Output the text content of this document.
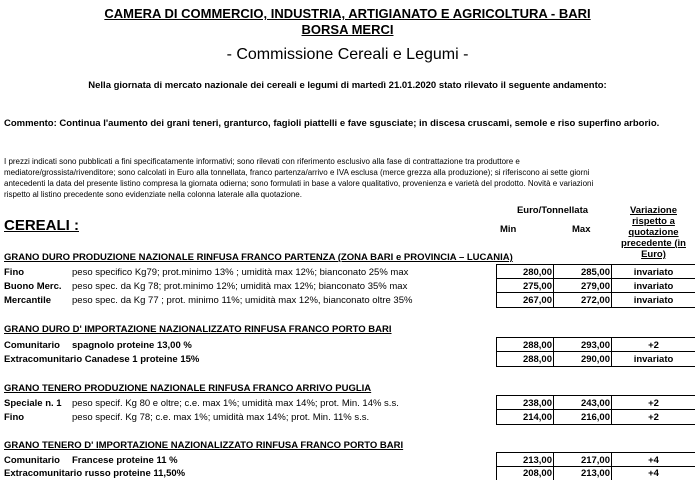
CAMERA DI COMMERCIO, INDUSTRIA, ARTIGIANATO E AGRICOLTURA - BARI
BORSA MERCI
- Commissione Cereali e Legumi -
Nella giornata di mercato nazionale dei cereali e legumi di martedì 21.01.2020 stato rilevato il seguente andamento:
Commento: Continua l'aumento dei grani teneri, granturco, fagioli piattelli e fave sgusciate; in discesa cruscami, semole e riso superfino arborio.
I prezzi indicati sono pubblicati a fini specificatamente informativi; sono rilevati con riferimento esclusivo alla fase di contrattazione tra produttore e
mediatore/grossista/rivenditore; sono calcolati in Euro alla tonnellata, franco partenza/arrivo e IVA esclusa (merce grezza alla produzione); si riferiscono ai sette giorni
antecedenti la data del presente listino compresa la giornata odierna; sono formulati in base a valore qualitativo, provenienza e varietà del prodotto. Novità e variazioni
rispetto al listino precedente sono evidenziate nella colonna laterale alla quotazione.
Euro/Tonnellata
Min	Max
Variazione
rispetto a
quotazione
precedente (in
Euro)
CEREALI :
GRANO DURO PRODUZIONE NAZIONALE RINFUSA FRANCO PARTENZA (ZONA BARI e PROVINCIA – LUCANIA)
Fino	peso specifico Kg79; prot.minimo 13% ; umidità max 12%; bianconato 25% max	280,00	285,00	invariato
Buono Merc. peso spec. da Kg 78; prot.minimo 12%; umidità max 12%; bianconato 35% max	275,00	279,00	invariato
Mercantile peso spec. da Kg 77 ; prot. minimo 11%; umidità max 12%, bianconato oltre 35%	267,00	272,00	invariato
GRANO DURO D' IMPORTAZIONE NAZIONALIZZATO RINFUSA FRANCO PORTO BARI
Comunitario spagnolo proteine 13,00 %	288,00	293,00	+2
Extracomunitario Canadese 1 proteine 15%	288,00	290,00	invariato
GRANO TENERO PRODUZIONE NAZIONALE RINFUSA FRANCO ARRIVO PUGLIA
Speciale n. 1 peso specif. Kg 80 e oltre; c.e. max 1%; umidità max 14%; prot. Min. 14% s.s.	238,00	243,00	+2
Fino	peso specif. Kg 78; c.e. max 1%; umidità max 14%; prot. Min. 11% s.s.	214,00	216,00	+2
GRANO TENERO D' IMPORTAZIONE NAZIONALIZZATO RINFUSA FRANCO PORTO BARI
Comunitario Francese proteine 11 %	213,00	217,00	+4
Extracomunitario russo proteine 11,50%	208,00	213,00	+4
